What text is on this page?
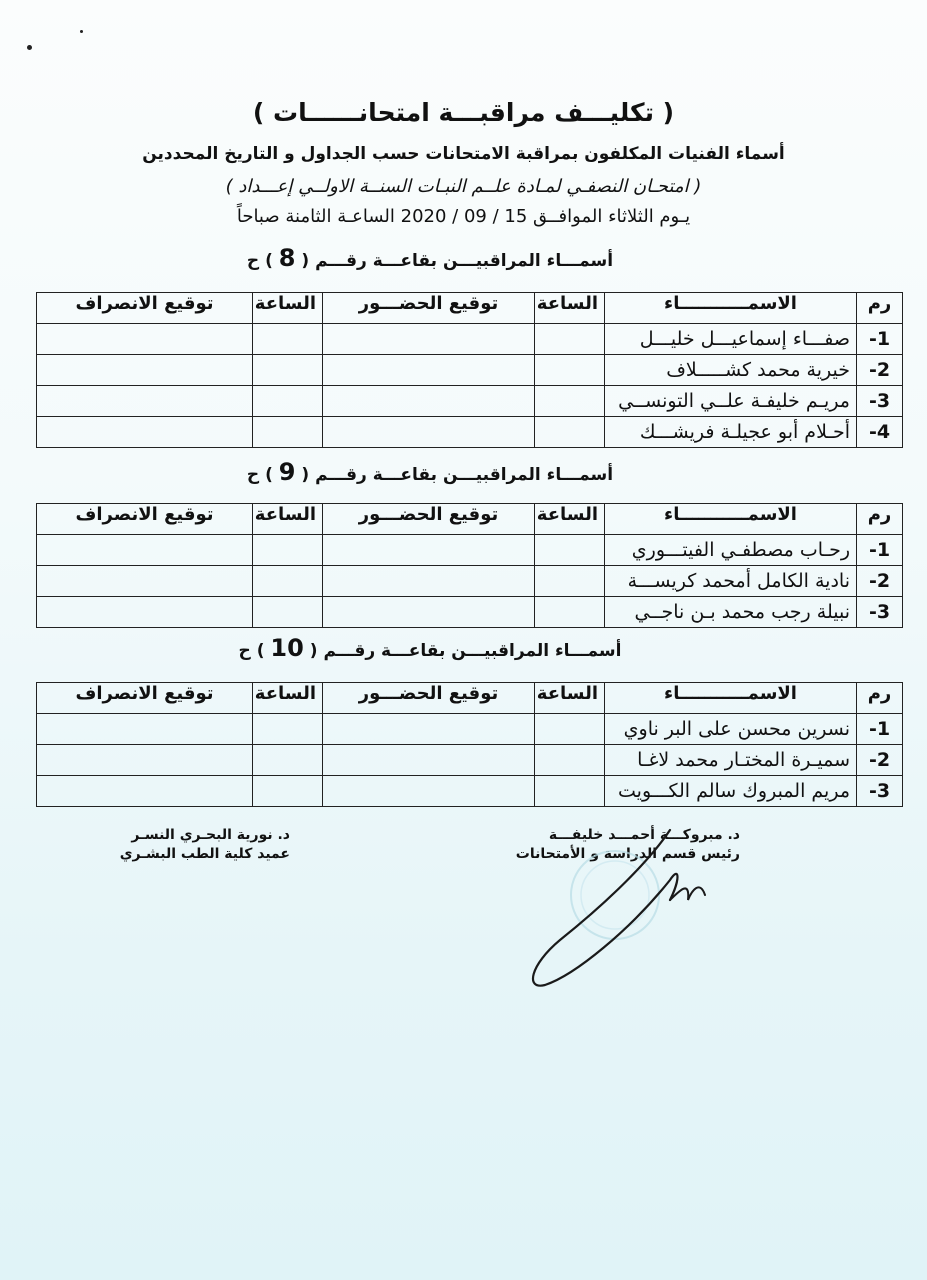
( تكليـــف مراقبـــة امتحانــــــات )
أسماء الفنيات المكلفون بمراقبة الامتحانات حسب الجداول و التاريخ المحددين
( امتحـان النصفـي لمـادة علــم النبـات السنــة الاولــي إعـــداد )
يـوم الثلاثاء الموافــق 15 / 09 / 2020 الساعـة الثامنة صباحاً
أسمـــاء المراقبيـــن بقاعـــة رقـــم ( 8 ) ح
رم	الاسمـــــــــــاء	الساعة	توقيع الحضـــور	الساعة	توقيع الانصراف
1-	صفـــاء إسماعيـــل خليـــل				
2-	خيرية محمد كشـــــلاف				
3-	مريـم خليفـة علــي التونســي				
4-	أحـلام أبو عجيلـة فريشـــك				
أسمـــاء المراقبيـــن بقاعـــة رقـــم ( 9 ) ح
رم	الاسمـــــــــــاء	الساعة	توقيع الحضـــور	الساعة	توقيع الانصراف
1-	رحـاب مصطفـي الفيتـــوري				
2-	نادية الكامل أمحمد كريســـة				
3-	نبيلة رجب محمد بـن ناجــي				
أسمـــاء المراقبيـــن بقاعـــة رقـــم ( 10 ) ح
رم	الاسمـــــــــــاء	الساعة	توقيع الحضـــور	الساعة	توقيع الانصراف
1-	نسرين محسن على البر ناوي				
2-	سميـرة المختـار محمد لاغـا				
3-	مريم المبروك سالم الكـــويت				
د. نورية البحـري النسـر
عميد كلية الطب البشـري
د. مبروكـــة أحمـــد خليفـــة
رئيس قسم الدراسة و الأمتحانات
